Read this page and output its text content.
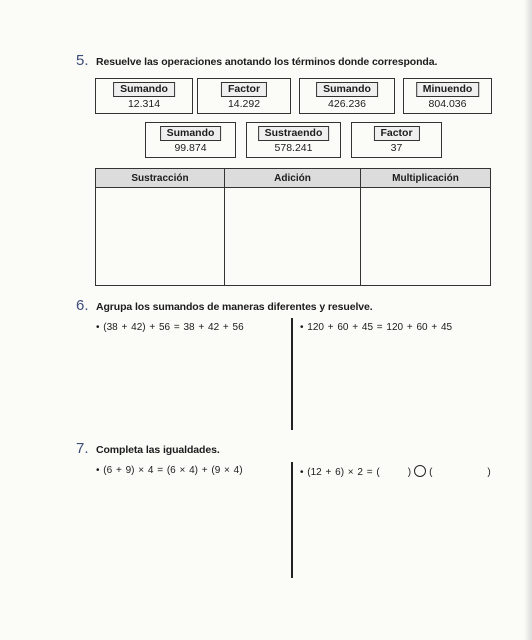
5. Resuelve las operaciones anotando los términos donde corresponda.
Sumando
12.314
Factor
14.292
Sumando
426.236
Minuendo
804.036
Sumando
99.874
Sustraendo
578.241
Factor
37
Sustracción	Adición	Multiplicación

6. Agrupa los sumandos de maneras diferentes y resuelve.
• (38 + 42) + 56 = 38 + 42 + 56	• 120 + 60 + 45 = 120 + 60 + 45
7. Completa las igualdades.
• (6 + 9) × 4 = (6 × 4) + (9 × 4)	• (12 + 6) × 2 = (	) (	)
